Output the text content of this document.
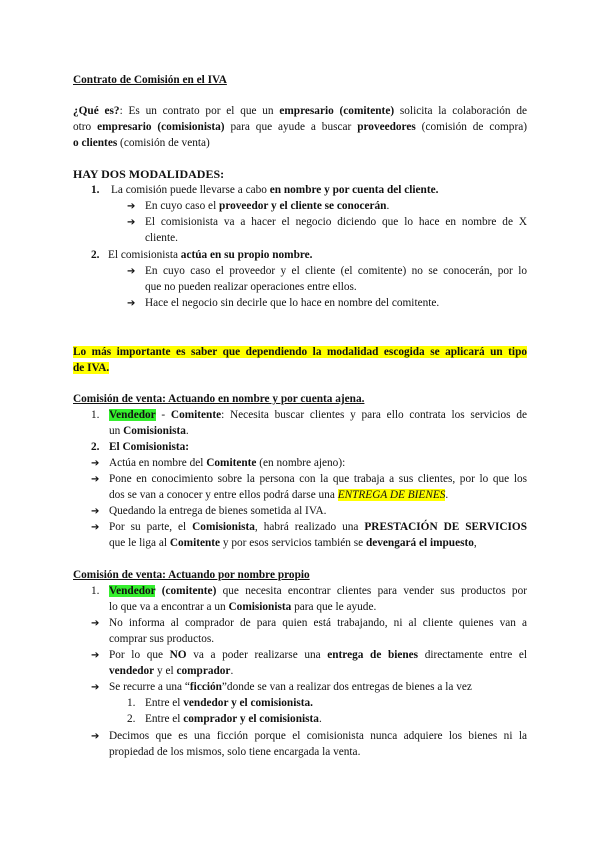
Contrato de Comisión en el IVA
¿Qué es?: Es un contrato por el que un empresario (comitente) solicita la colaboración de
otro empresario (comisionista) para que ayude a buscar proveedores (comisión de compra)
o clientes (comisión de venta)
HAY DOS MODALIDADES:
1. La comisión puede llevarse a cabo en nombre y por cuenta del cliente.
➔ En cuyo caso el proveedor y el cliente se conocerán.
➔ El comisionista va a hacer el negocio diciendo que lo hace en nombre de X
cliente.
2. El comisionista actúa en su propio nombre.
➔ En cuyo caso el proveedor y el cliente (el comitente) no se conocerán, por lo
que no pueden realizar operaciones entre ellos.
➔ Hace el negocio sin decirle que lo hace en nombre del comitente.
Lo más importante es saber que dependiendo la modalidad escogida se aplicará un tipo
de IVA.
Comisión de venta: Actuando en nombre y por cuenta ajena.
1. Vendedor - Comitente: Necesita buscar clientes y para ello contrata los servicios de
un Comisionista.
2. El Comisionista:
➔ Actúa en nombre del Comitente (en nombre ajeno):
➔ Pone en conocimiento sobre la persona con la que trabaja a sus clientes, por lo que los
dos se van a conocer y entre ellos podrá darse una ENTREGA DE BIENES.
➔ Quedando la entrega de bienes sometida al IVA.
➔ Por su parte, el Comisionista, habrá realizado una PRESTACIÓN DE SERVICIOS
que le liga al Comitente y por esos servicios también se devengará el impuesto,
Comisión de venta: Actuando por nombre propio
1. Vendedor (comitente) que necesita encontrar clientes para vender sus productos por
lo que va a encontrar a un Comisionista para que le ayude.
➔ No informa al comprador de para quien está trabajando, ni al cliente quienes van a
comprar sus productos.
➔ Por lo que NO va a poder realizarse una entrega de bienes directamente entre el
vendedor y el comprador.
➔ Se recurre a una “ficción”donde se van a realizar dos entregas de bienes a la vez
1. Entre el vendedor y el comisionista.
2. Entre el comprador y el comisionista.
➔ Decimos que es una ficción porque el comisionista nunca adquiere los bienes ni la
propiedad de los mismos, solo tiene encargada la venta.
